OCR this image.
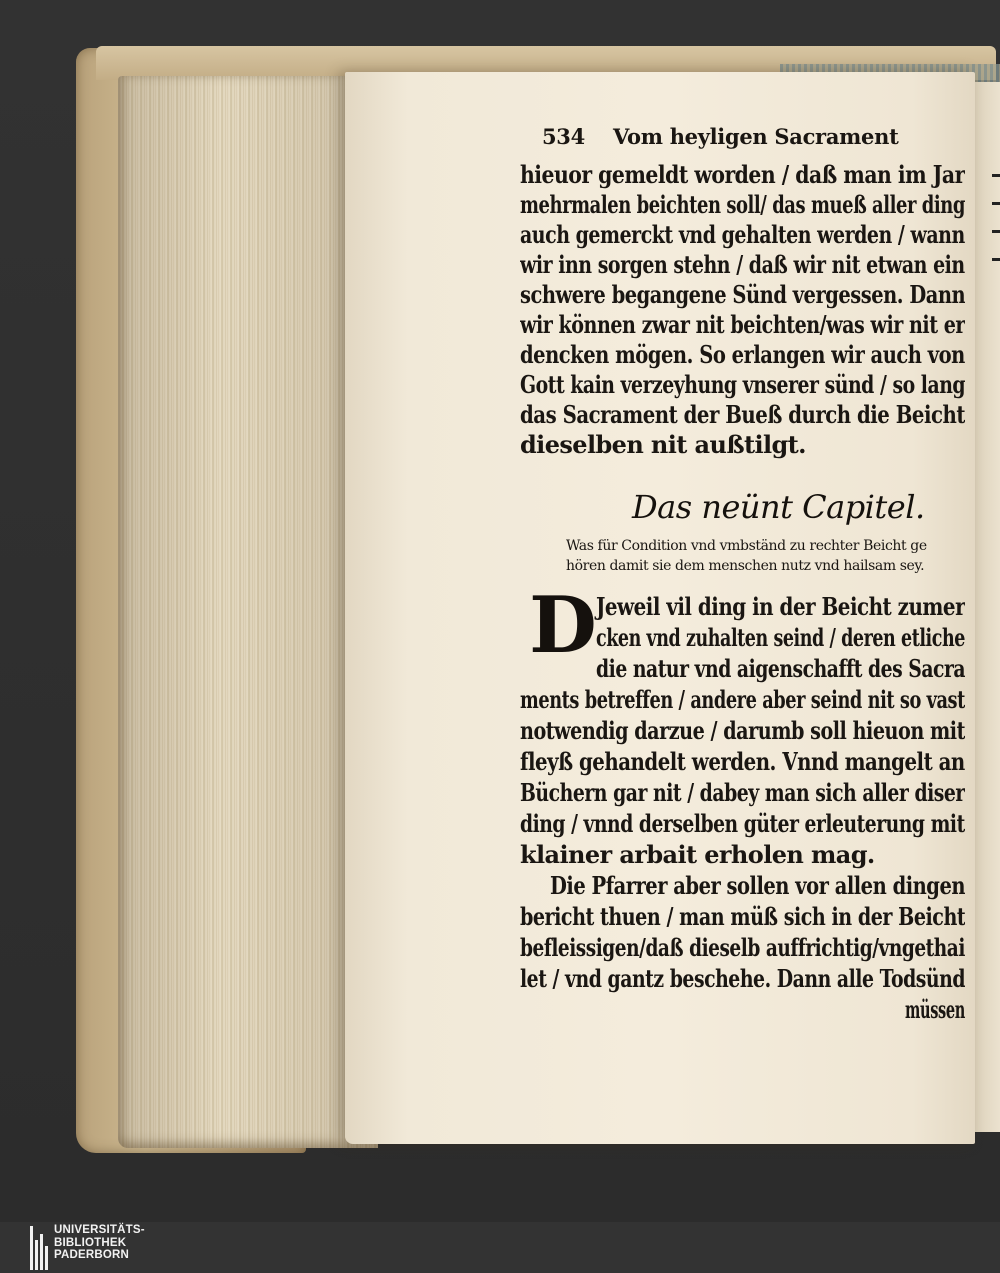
534 Vom heyligen Sacrament
hieuor gemeldt worden / daß man im Jar
mehrmalen beichten soll/ das mueß aller ding
auch gemerckt vnd gehalten werden / wann
wir inn sorgen stehn / daß wir nit etwan ein
schwere begangene Sünd vergessen. Dann
wir können zwar nit beichten/was wir nit er
dencken mögen. So erlangen wir auch von
Gott kain verzeyhung vnserer sünd / so lang
das Sacrament der Bueß durch die Beicht
dieselben nit außtilgt.
Das neünt Capitel.
Was für Condition vnd vmbständ zu rechter Beicht ge
hören damit sie dem menschen nutz vnd hailsam sey.
D Jeweil vil ding in der Beicht zumer
cken vnd zuhalten seind / deren etliche
die natur vnd aigenschafft des Sacra
ments betreffen / andere aber seind nit so vast
notwendig darzue / darumb soll hieuon mit
fleyß gehandelt werden. Vnnd mangelt an
Büchern gar nit / dabey man sich aller diser
ding / vnnd derselben güter erleuterung mit
klainer arbait erholen mag.
Die Pfarrer aber sollen vor allen dingen
bericht thuen / man müß sich in der Beicht
befleissigen/daß dieselb auffrichtig/vngethai
let / vnd gantz beschehe. Dann alle Todsünd
müssen
UNIVERSITÄTS-
BIBLIOTHEK
PADERBORN
